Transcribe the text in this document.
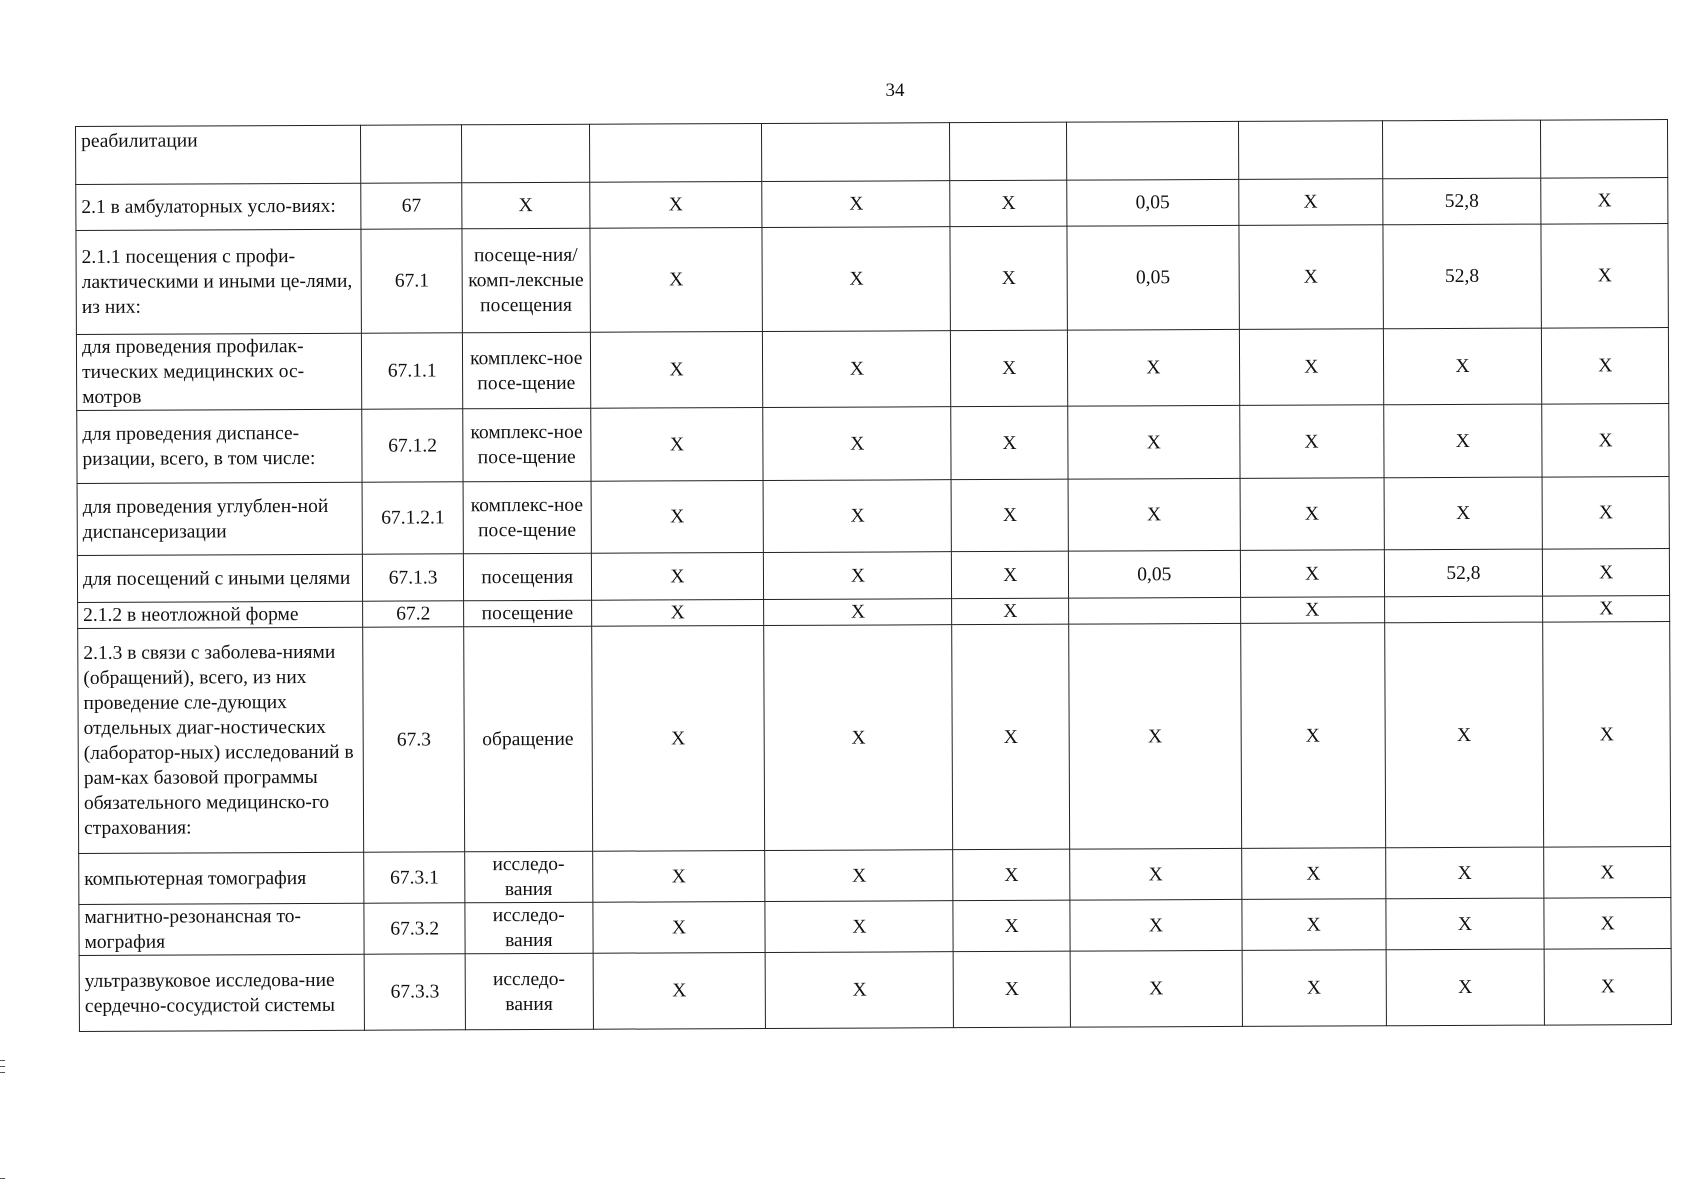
34
реабилитации									
2.1 в амбулаторных усло-виях:	67	Х	Х	Х	Х	0,05	Х	52,8	Х
2.1.1 посещения с профи-лактическими и иными це-лями, из них:	67.1	посеще-ния/комп-лексные посещения	Х	Х	Х	0,05	Х	52,8	Х
для проведения профилак-тических медицинских ос-мотров	67.1.1	комплекс-ное посе-щение	Х	Х	Х	Х	Х	Х	Х
для проведения диспансе-ризации, всего, в том числе:	67.1.2	комплекс-ное посе-щение	Х	Х	Х	Х	Х	Х	Х
для проведения углублен-ной диспансеризации	67.1.2.1	комплекс-ное посе-щение	Х	Х	Х	Х	Х	Х	Х
для посещений с иными целями	67.1.3	посещения	Х	Х	Х	0,05	Х	52,8	Х
2.1.2 в неотложной форме	67.2	посещение	Х	Х	Х		Х		Х
2.1.3 в связи с заболева-ниями (обращений), всего, из них проведение сле-дующих отдельных диаг-ностических (лаборатор-ных) исследований в рам-ках базовой программы обязательного медицинско-го страхования:	67.3	обращение	Х	Х	Х	Х	Х	Х	Х
компьютерная томография	67.3.1	исследо-вания	Х	Х	Х	Х	Х	Х	Х
магнитно-резонансная то-мография	67.3.2	исследо-вания	Х	Х	Х	Х	Х	Х	Х
ультразвуковое исследова-ние сердечно-сосудистой системы	67.3.3	исследо-вания	Х	Х	Х	Х	Х	Х	Х
